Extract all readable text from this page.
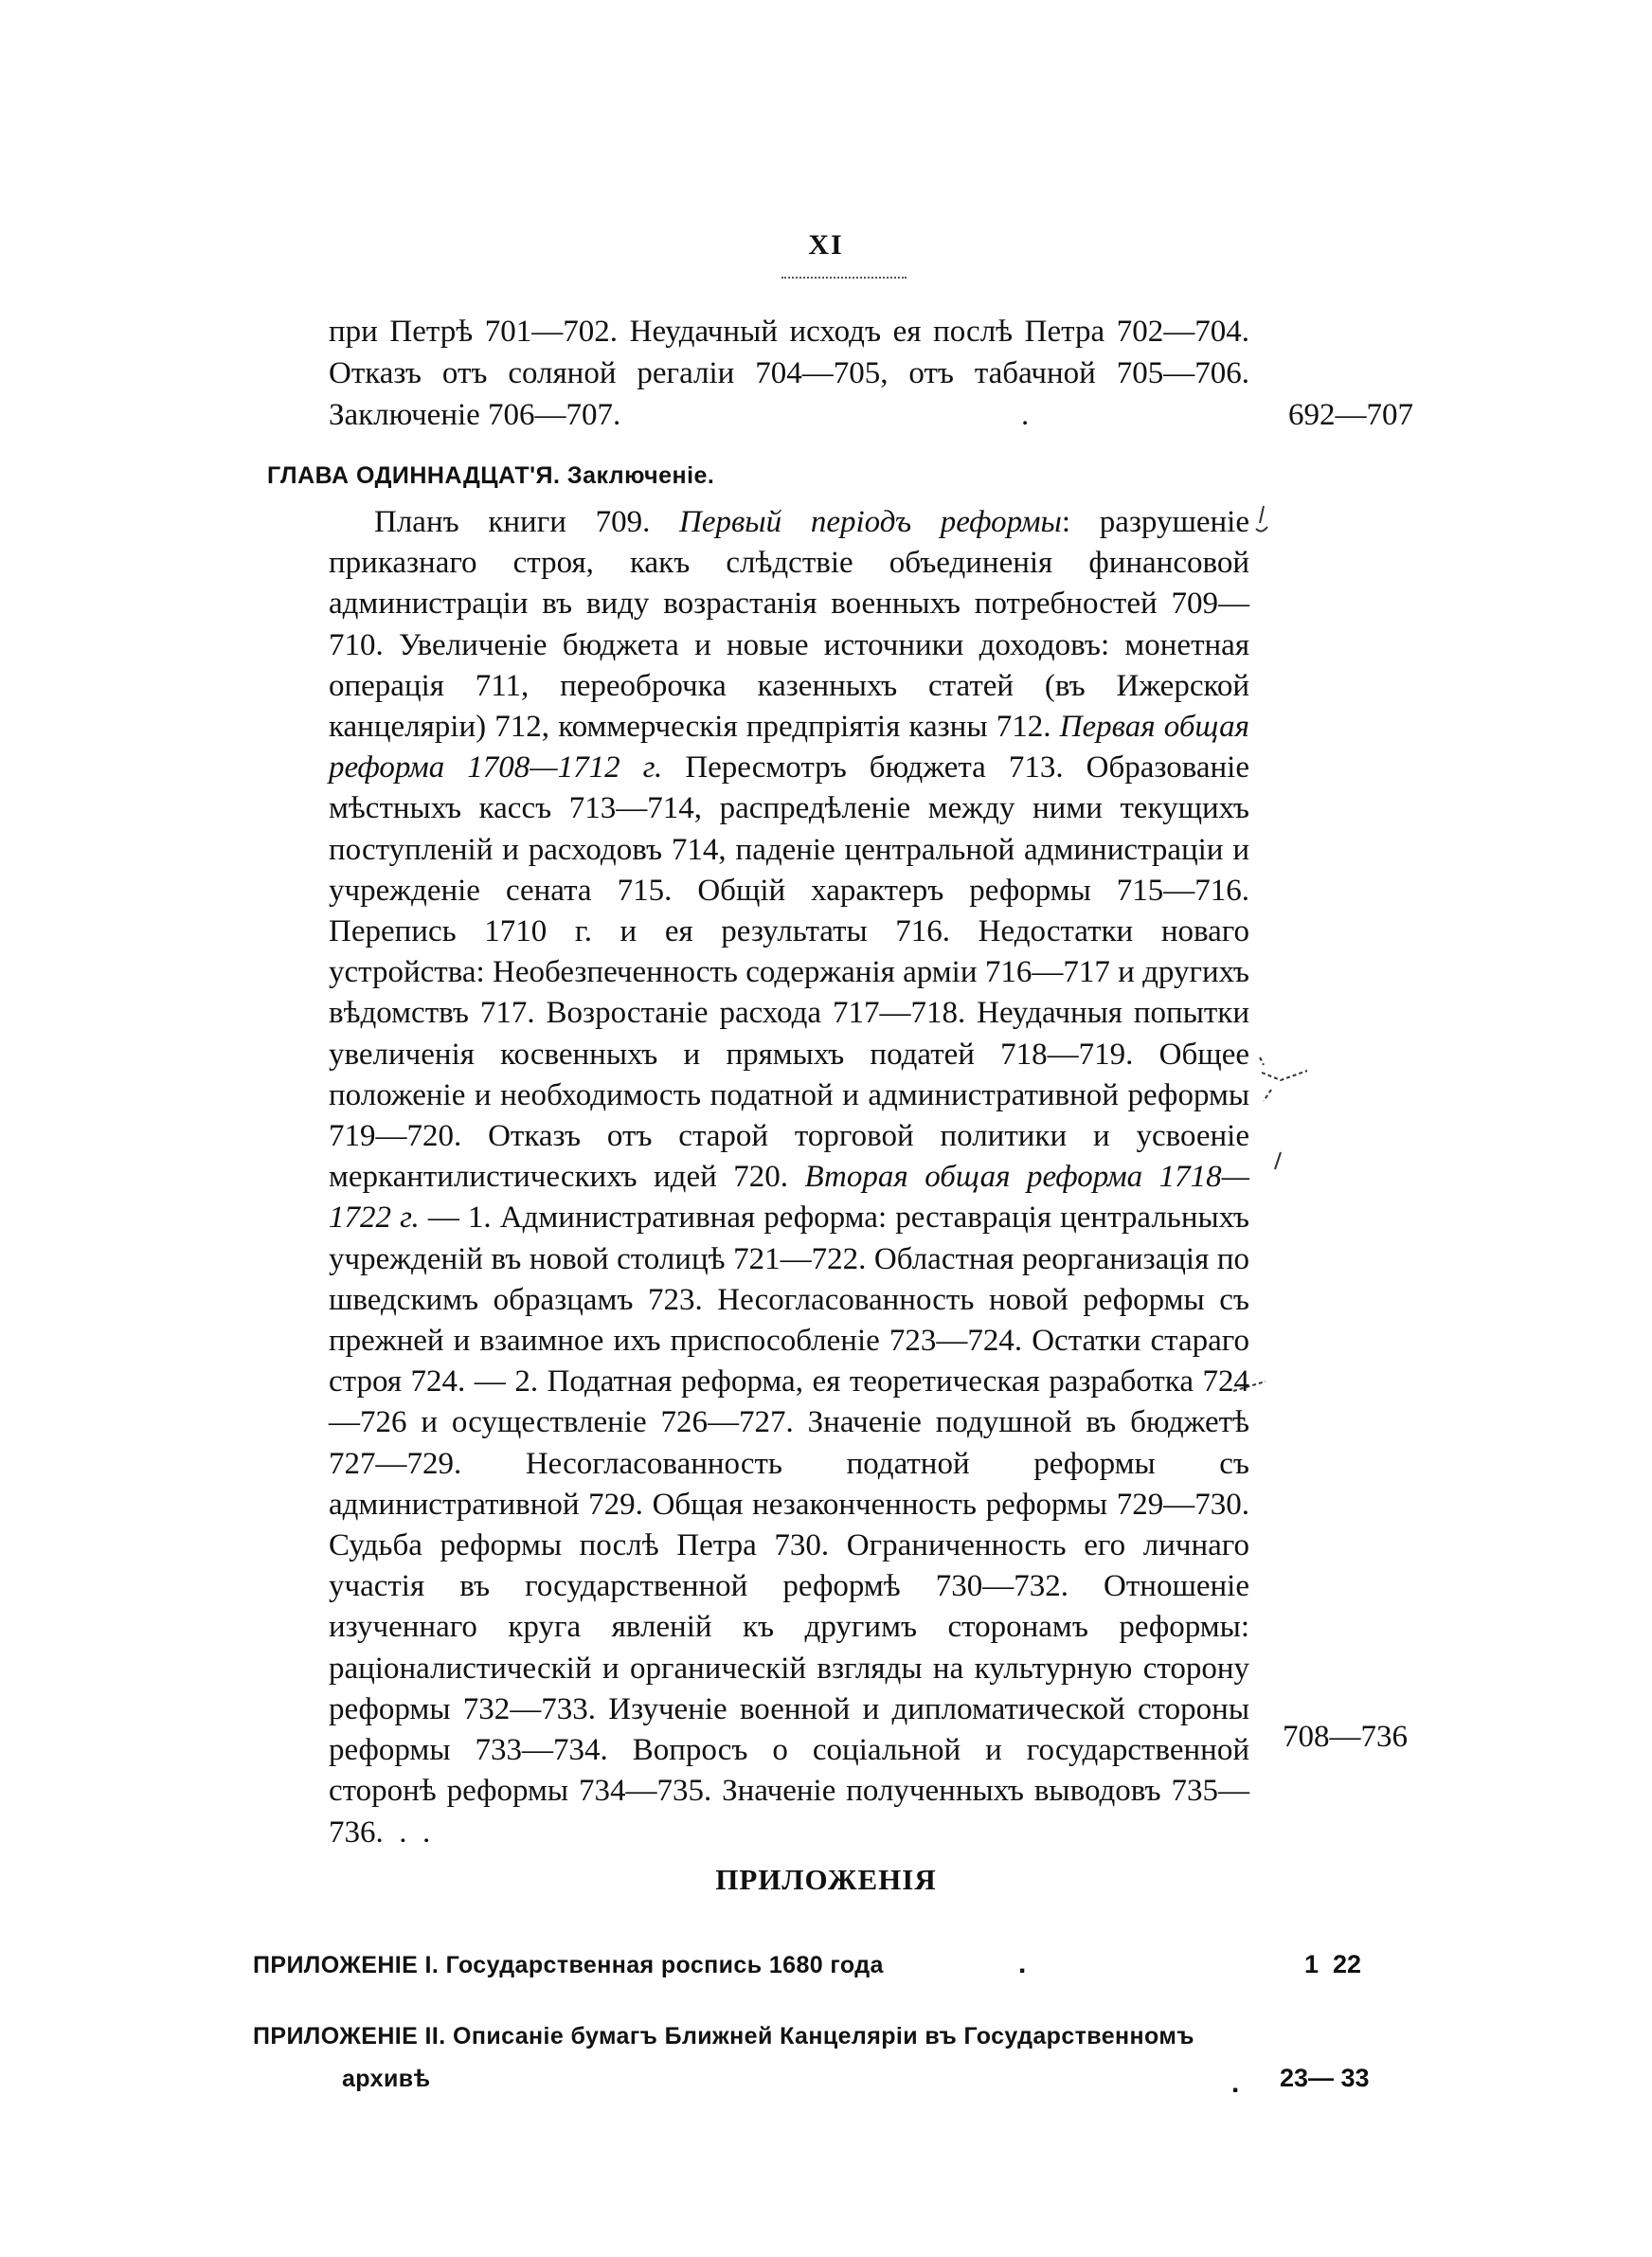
XI
при Петрѣ 701—702. Неудачный исходъ ея послѣ Петра 702—704. Отказъ отъ соляной регалiи 704—705, отъ табачной 705—706. Заключенiе 706—707.	.	692—707
ГЛАВА ОДИННАДЦАТ'Я. Заключенiе.
Планъ книги 709. Первый перiодъ реформы: разрушенiе приказнаго строя, какъ слѣдствiе объединенiя финансовой администрацiи въ виду возрастанiя военныхъ потребностей 709—710. Увеличенiе бюджета и новые источники доходовъ: монетная операцiя 711, переоброчка казенныхъ статей (въ Ижерской канцелярiи) 712, коммерческiя предпрiятiя казны 712. Первая общая реформа 1708—1712 г. Пересмотръ бюджета 713. Образованiе мѣстныхъ кассъ 713—714, распредѣленiе между ними текущихъ поступленiй и расходовъ 714, паденiе центральной администрацiи и учрежденiе сената 715. Общiй характеръ реформы 715—716. Перепись 1710 г. и ея результаты 716. Недостатки новаго устройства: Необезпеченность содержанiя армiи 716—717 и другихъ вѣдомствъ 717. Возростанiе расхода 717—718. Неудачныя попытки увеличенiя косвенныхъ и прямыхъ податей 718—719. Общее положенiе и необходимость податной и административной реформы 719—720. Отказъ отъ старой торговой политики и усвоенiе меркантилистическихъ идей 720. Вторая общая реформа 1718—1722 г. — 1. Административная реформа: реставрацiя центральныхъ учрежденiй въ новой столицѣ 721—722. Областная реорганизацiя по шведскимъ образцамъ 723. Несогласованность новой реформы съ прежней и взаимное ихъ приспособленiе 723—724. Остатки стараго строя 724. — 2. Податная реформа, ея теоретическая разработка 724—726 и осуществленiе 726—727. Значенiе подушной въ бюджетѣ 727—729. Несогласованность податной реформы съ административной 729. Общая незаконченность реформы 729—730. Судьба реформы послѣ Петра 730. Ограниченность его личнаго участiя въ государственной реформѣ 730—732. Отношенiе изученнаго круга явленiй къ другимъ сторонамъ реформы: рацiоналистическiй и органическiй взгляды на культурную сторону реформы 732—733. Изученiе военной и дипломатической стороны реформы 733—734. Вопросъ о соцiальной и государственной сторонѣ реформы 734—735. Значенiе полученныхъ выводовъ 735—736.  .  .
708—736
ПРИЛОЖЕНIЯ
ПРИЛОЖЕНIЕ I. Государственная роспись 1680 года	.	1  22
ПРИЛОЖЕНIЕ II. Описанiе бумагъ Ближней Канцелярiи въ Государственномъ
архивѣ	. 23— 33
